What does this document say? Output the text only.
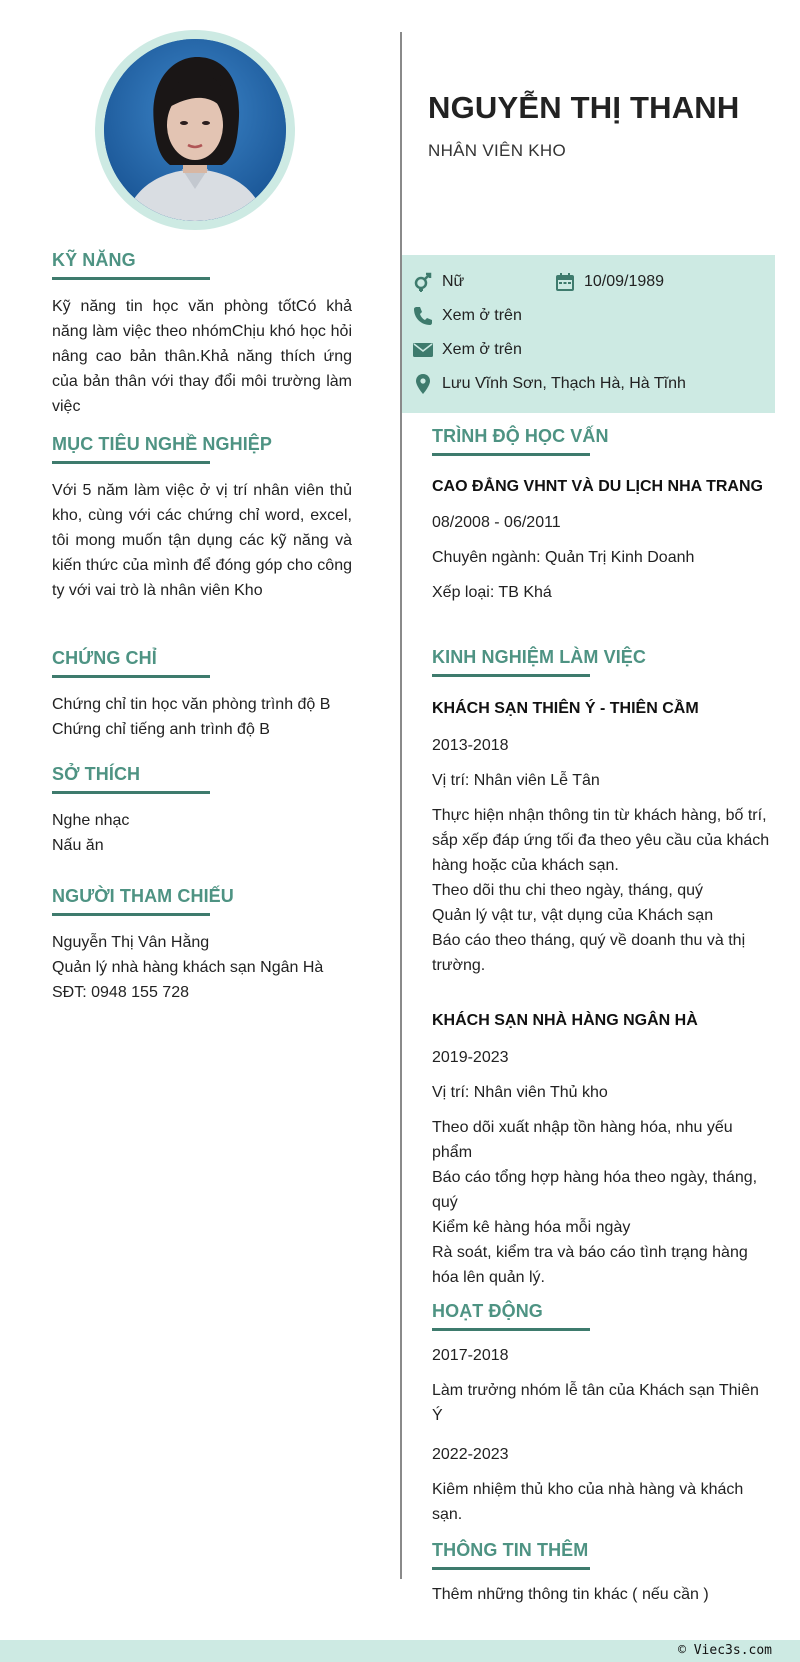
KỸ NĂNG
Kỹ năng tin học văn phòng tốtCó khả năng làm việc theo nhómChịu khó học hỏi nâng cao bản thân.Khả năng thích ứng của bản thân với thay đổi môi trường làm việc
MỤC TIÊU NGHỀ NGHIỆP
Với 5 năm làm việc ở vị trí nhân viên thủ kho, cùng với các chứng chỉ word, excel, tôi mong muốn tận dụng các kỹ năng và kiến thức của mình để đóng góp cho công ty với vai trò là nhân viên Kho
CHỨNG CHỈ
Chứng chỉ tin học văn phòng trình độ B
Chứng chỉ tiếng anh trình độ B
SỞ THÍCH
Nghe nhạc
Nấu ăn
NGƯỜI THAM CHIẾU
Nguyễn Thị Vân Hằng
Quản lý nhà hàng khách sạn Ngân Hà
SĐT: 0948 155 728
NGUYỄN THỊ THANH
NHÂN VIÊN KHO
Nữ	10/09/1989
Xem ở trên
Xem ở trên
Lưu Vĩnh Sơn, Thạch Hà, Hà Tĩnh
TRÌNH ĐỘ HỌC VẤN
CAO ĐẲNG VHNT VÀ DU LỊCH NHA TRANG
08/2008 - 06/2011
Chuyên ngành: Quản Trị Kinh Doanh
Xếp loại: TB Khá
KINH NGHIỆM LÀM VIỆC
KHÁCH SẠN THIÊN Ý - THIÊN CẦM
2013-2018
Vị trí: Nhân viên Lễ Tân
Thực hiện nhận thông tin từ khách hàng, bố trí, sắp xếp đáp ứng tối đa theo yêu cầu của khách hàng hoặc của khách sạn.
Theo dõi thu chi theo ngày, tháng, quý
Quản lý vật tư, vật dụng của Khách sạn
Báo cáo theo tháng, quý về doanh thu và thị trường.
KHÁCH SẠN NHÀ HÀNG NGÂN HÀ
2019-2023
Vị trí: Nhân viên Thủ kho
Theo dõi xuất nhập tồn hàng hóa, nhu yếu phẩm
Báo cáo tổng hợp hàng hóa theo ngày, tháng, quý
Kiểm kê hàng hóa mỗi ngày
Rà soát, kiểm tra và báo cáo tình trạng hàng hóa lên quản lý.
HOẠT ĐỘNG
2017-2018
Làm trưởng nhóm lễ tân của Khách sạn Thiên Ý
2022-2023
Kiêm nhiệm thủ kho của nhà hàng và khách sạn.
THÔNG TIN THÊM
Thêm những thông tin khác ( nếu cần )
© Viec3s.com
